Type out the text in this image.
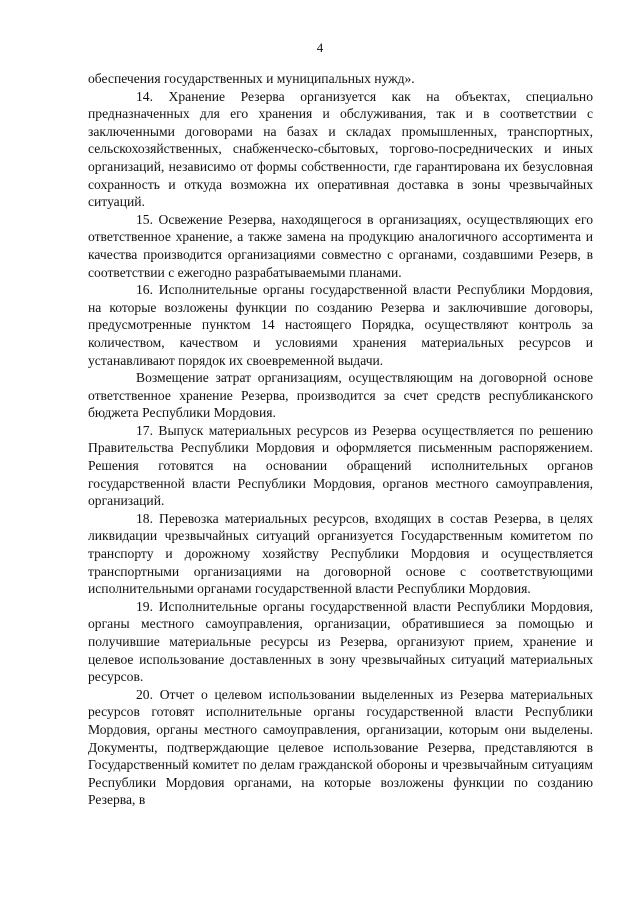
4

обеспечения государственных и муниципальных нужд».

14. Хранение Резерва организуется как на объектах, специально предназначенных для его хранения и обслуживания, так и в соответствии с заключенными договорами на базах и складах промышленных, транспортных, сельскохозяйственных, снабженческо-сбытовых, торгово-посреднических и иных организаций, независимо от формы собственности, где гарантирована их безусловная сохранность и откуда возможна их оперативная доставка в зоны чрезвычайных ситуаций.

15. Освежение Резерва, находящегося в организациях, осуществляющих его ответственное хранение, а также замена на продукцию аналогичного ассортимента и качества производится организациями совместно с органами, создавшими Резерв, в соответствии с ежегодно разрабатываемыми планами.

16. Исполнительные органы государственной власти Республики Мордовия, на которые возложены функции по созданию Резерва и заключившие договоры, предусмотренные пунктом 14 настоящего Порядка, осуществляют контроль за количеством, качеством и условиями хранения материальных ресурсов и устанавливают порядок их своевременной выдачи.

Возмещение затрат организациям, осуществляющим на договорной основе ответственное хранение Резерва, производится за счет средств республиканского бюджета Республики Мордовия.

17. Выпуск материальных ресурсов из Резерва осуществляется по решению Правительства Республики Мордовия и оформляется письменным распоряжением. Решения готовятся на основании обращений исполнительных органов государственной власти Республики Мордовия, органов местного самоуправления, организаций.

18. Перевозка материальных ресурсов, входящих в состав Резерва, в целях ликвидации чрезвычайных ситуаций организуется Государственным комитетом по транспорту и дорожному хозяйству Республики Мордовия и осуществляется транспортными организациями на договорной основе с соответствующими исполнительными органами государственной власти Республики Мордовия.

19. Исполнительные органы государственной власти Республики Мордовия, органы местного самоуправления, организации, обратившиеся за помощью и получившие материальные ресурсы из Резерва, организуют прием, хранение и целевое использование доставленных в зону чрезвычайных ситуаций материальных ресурсов.

20. Отчет о целевом использовании выделенных из Резерва материальных ресурсов готовят исполнительные органы государственной власти Республики Мордовия, органы местного самоуправления, организации, которым они выделены. Документы, подтверждающие целевое использование Резерва, представляются в Государственный комитет по делам гражданской обороны и чрезвычайным ситуациям Республики Мордовия органами, на которые возложены функции по созданию Резерва, в
